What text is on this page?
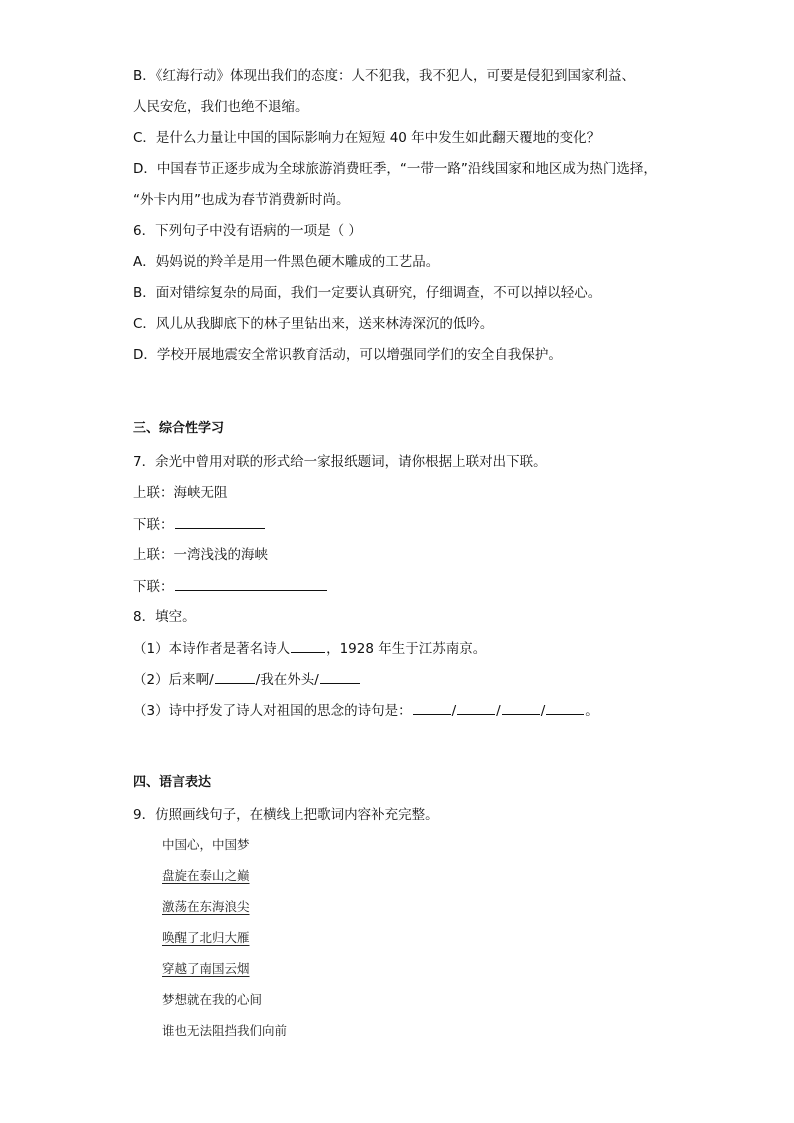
B．《红海行动》体现出我们的态度：人不犯我，我不犯人，可要是侵犯到国家利益、
人民安危，我们也绝不退缩。
C．是什么力量让中国的国际影响力在短短 40 年中发生如此翻天覆地的变化？
D．中国春节正逐步成为全球旅游消费旺季，“一带一路”沿线国家和地区成为热门选择，
“外卡内用”也成为春节消费新时尚。
6．下列句子中没有语病的一项是（ ）
A．妈妈说的羚羊是用一件黑色硬木雕成的工艺品。
B．面对错综复杂的局面，我们一定要认真研究，仔细调查，不可以掉以轻心。
C．风儿从我脚底下的林子里钻出来，送来林涛深沉的低吟。
D．学校开展地震安全常识教育活动，可以增强同学们的安全自我保护。
三、综合性学习
7．余光中曾用对联的形式给一家报纸题词，请你根据上联对出下联。
上联：海峡无阻
下联：
上联：一湾浅浅的海峡
下联：
8．填空。
（1）本诗作者是著名诗人	，1928 年生于江苏南京。
（2）后来啊/	/我在外头/
（3）诗中抒发了诗人对祖国的思念的诗句是：	/	/	/	。
四、语言表达
9．仿照画线句子，在横线上把歌词内容补充完整。
中国心，中国梦
盘旋在泰山之巅
激荡在东海浪尖
唤醒了北归大雁
穿越了南国云烟
梦想就在我的心间
谁也无法阻挡我们向前
